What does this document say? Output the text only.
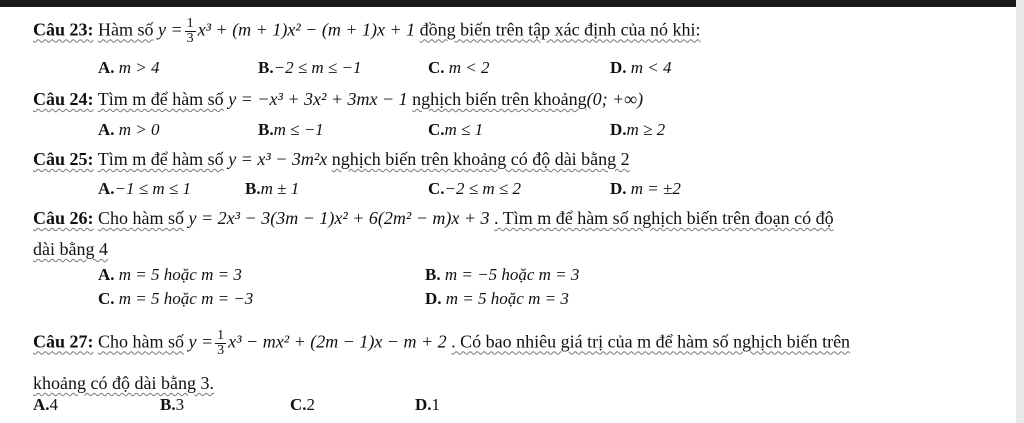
Câu 23: Hàm số $y = \frac{1}{3} x^3 + (m + 1)x^2 - (m + 1)x + 1$ đồng biến trên tập xác định của nó khi:
A. m > 4	B.−2 ≤ m ≤ −1	C. m < 2	D. m < 4
Câu 24: Tìm m để hàm số y = −x³ + 3x² + 3mx − 1 nghịch biến trên khoảng(0; +∞)
A. m > 0	B.m ≤ −1	C.m ≤ 1	D.m ≥ 2
Câu 25: Tìm m để hàm số y = x³ − 3m²x nghịch biến trên khoảng có độ dài bằng 2
A.−1 ≤ m ≤ 1	B.m ± 1	C.−2 ≤ m ≤ 2	D. m = ±2
Câu 26: Cho hàm số y = 2x³ − 3(3m − 1)x² + 6(2m² − m)x + 3 . Tìm m để hàm số nghịch biến trên đoạn có độ
dài bằng 4
A. m = 5 hoặc m = 3	B. m = −5 hoặc m = 3
C. m = 5 hoặc m = −3	D. m = 5 hoặc m = 3
Câu 27: Cho hàm số $y = \frac{1}{3} x^3 - mx^2 + (2m - 1)x - m + 2$ . Có bao nhiêu giá trị của m để hàm số nghịch biến trên
khoảng có độ dài bằng 3.
A.4	B.3	C.2	D.1
